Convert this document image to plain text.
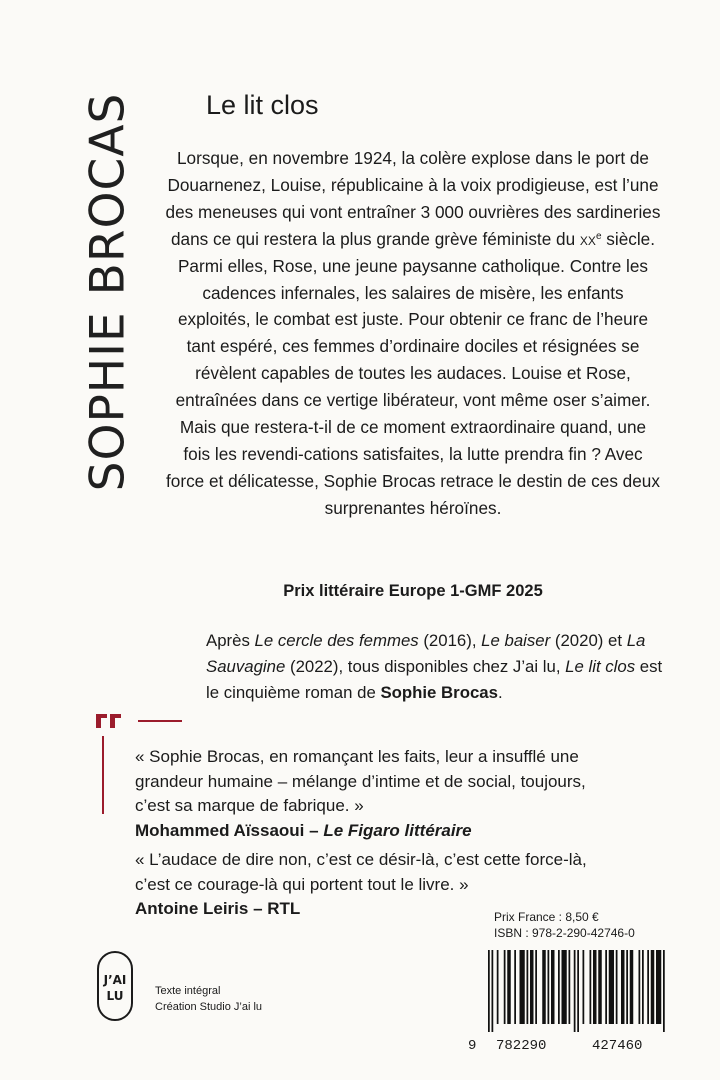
SOPHIE BROCAS	Le lit clos

Lorsque, en novembre 1924, la colère explose dans le port de Douarnenez, Louise, républicaine à la voix prodigieuse, est l’une des meneuses qui vont entraîner 3 000 ouvrières des sardineries dans ce qui restera la plus grande grève féministe du $xx^e$ siècle. Parmi elles, Rose, une jeune paysanne catholique. Contre les cadences infernales, les salaires de misère, les enfants exploités, le combat est juste. Pour obtenir ce franc de l’heure tant espéré, ces femmes d’ordinaire dociles et résignées se révèlent capables de toutes les audaces. Louise et Rose, entraînées dans ce vertige libérateur, vont même oser s’aimer. Mais que restera-t-il de ce moment extraordinaire quand, une fois les revendi-cations satisfaites, la lutte prendra fin ? Avec force et délicatesse, Sophie Brocas retrace le destin de ces deux surprenantes héroïnes.

Prix littéraire Europe 1-GMF 2025
Après Le cercle des femmes (2016), Le baiser (2020) et La Sauvagine (2022), tous disponibles chez J’ai lu, Le lit clos est le cinquième roman de Sophie Brocas.
« Sophie Brocas, en romançant les faits, leur a insufflé une grandeur humaine – mélange d’intime et de social, toujours, c’est sa marque de fabrique. »
Mohammed Aïssaoui – Le Figaro littéraire
« L’audace de dire non, c’est ce désir-là, c’est cette force-là, c’est ce courage-là qui portent tout le livre. »
Antoine Leiris – RTL
J’AI
LU	Texte intégral
Création Studio J’ai lu
Prix France : 8,50 €
ISBN : 978-2-290-42746-0
9 782290	427460
